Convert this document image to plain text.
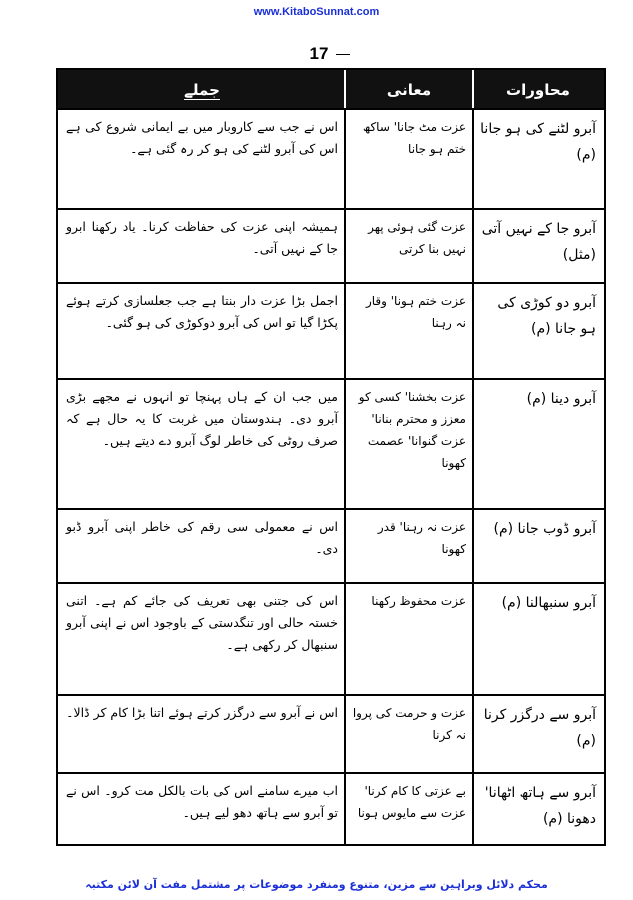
www.KitaboSunnat.com
17
محاورات
معانی
جملے
آبرو لٹنے کی ہو جانا (م)
عزت مٹ جانا' ساکھ ختم ہو جانا
اس نے جب سے کاروبار میں بے ایمانی شروع کی ہے اس کی آبرو لٹنے کی ہو کر رہ گئی ہے۔
آبرو جا کے نہیں آتی (مثل)
عزت گئی ہوئی پھر نہیں بنا کرتی
ہمیشہ اپنی عزت کی حفاظت کرنا۔ یاد رکھنا ابرو جا کے نہیں آتی۔
آبرو دو کوڑی کی ہو جانا (م)
عزت ختم ہونا' وقار نہ رہنا
اجمل بڑا عزت دار بنتا ہے جب جعلسازی کرتے ہوئے پکڑا گیا تو اس کی آبرو دوکوڑی کی ہو گئی۔
آبرو دینا (م)
عزت بخشنا' کسی کو معزز و محترم بنانا' عزت گنوانا' عصمت کھونا
میں جب ان کے ہاں پہنچا تو انہوں نے مجھے بڑی آبرو دی۔ ہندوستان میں غربت کا یہ حال ہے کہ صرف روٹی کی خاطر لوگ آبرو دے دیتے ہیں۔
آبرو ڈوب جانا (م)
عزت نہ رہنا' قدر کھونا
اس نے معمولی سی رقم کی خاطر اپنی آبرو ڈبو دی۔
آبرو سنبھالنا (م)
عزت محفوظ رکھنا
اس کی جتنی بھی تعریف کی جائے کم ہے۔ اتنی خستہ حالی اور تنگدستی کے باوجود اس نے اپنی آبرو سنبھال کر رکھی ہے۔
آبرو سے درگزر کرنا (م)
عزت و حرمت کی پروا نہ کرنا
اس نے آبرو سے درگزر کرتے ہوئے اتنا بڑا کام کر ڈالا۔
آبرو سے ہاتھ اٹھانا' دھونا (م)
بے عزتی کا کام کرنا' عزت سے مایوس ہونا
اب میرے سامنے اس کی بات بالکل مت کرو۔ اس نے تو آبرو سے ہاتھ دھو لیے ہیں۔
محکم دلائل وبراہین سے مزین، متنوع ومنفرد موضوعات پر مشتمل مفت آن لائن مکتبہ
